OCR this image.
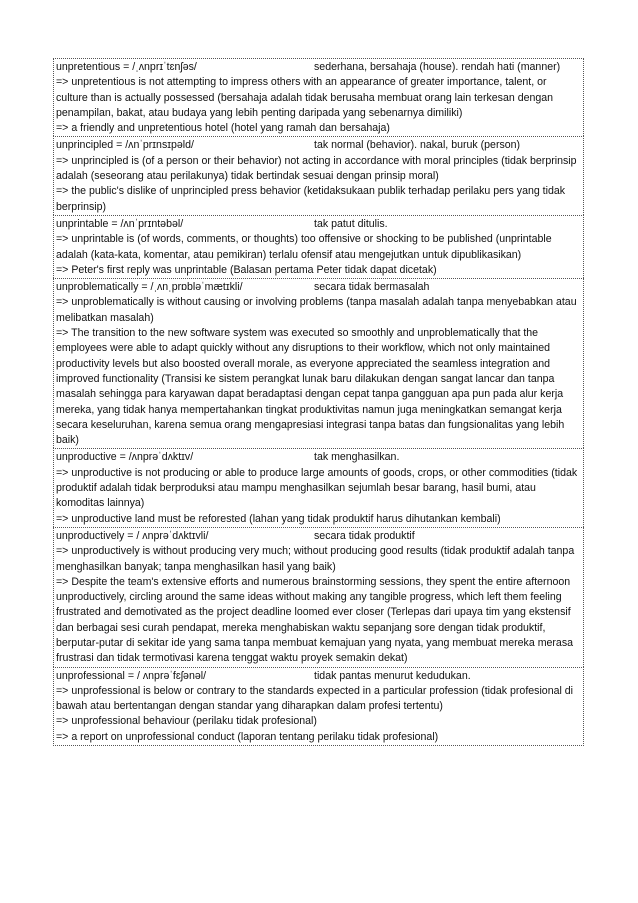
unpretentious = /ˌʌnprɪˈtɛnʃəs/	sederhana, bersahaja (house). rendah hati (manner)
=> unpretentious is not attempting to impress others with an appearance of greater importance, talent, or culture than is actually possessed (bersahaja adalah tidak berusaha membuat orang lain terkesan dengan penampilan, bakat, atau budaya yang lebih penting daripada yang sebenarnya dimiliki)
=> a friendly and unpretentious hotel (hotel yang ramah dan bersahaja)
unprincipled = /ʌnˈprɪnsɪpəld/	tak normal (behavior). nakal, buruk (person)
=> unprincipled is (of a person or their behavior) not acting in accordance with moral principles (tidak berprinsip adalah (seseorang atau perilakunya) tidak bertindak sesuai dengan prinsip moral)
=> the public's dislike of unprincipled press behavior (ketidaksukaan publik terhadap perilaku pers yang tidak berprinsip)
unprintable = /ʌnˈprɪntəbəl/	tak patut ditulis.
=> unprintable is (of words, comments, or thoughts) too offensive or shocking to be published (unprintable adalah (kata-kata, komentar, atau pemikiran) terlalu ofensif atau mengejutkan untuk dipublikasikan)
=> Peter's first reply was unprintable (Balasan pertama Peter tidak dapat dicetak)
unproblematically = /ˌʌnˌprɒbləˈmætɪkli/	secara tidak bermasalah
=> unproblematically is without causing or involving problems (tanpa masalah adalah tanpa menyebabkan atau melibatkan masalah)
=> The transition to the new software system was executed so smoothly and unproblematically that the employees were able to adapt quickly without any disruptions to their workflow, which not only maintained productivity levels but also boosted overall morale, as everyone appreciated the seamless integration and improved functionality (Transisi ke sistem perangkat lunak baru dilakukan dengan sangat lancar dan tanpa masalah sehingga para karyawan dapat beradaptasi dengan cepat tanpa gangguan apa pun pada alur kerja mereka, yang tidak hanya mempertahankan tingkat produktivitas namun juga meningkatkan semangat kerja secara keseluruhan, karena semua orang mengapresiasi integrasi tanpa batas dan fungsionalitas yang lebih baik)
unproductive = /ʌnprəˈdʌktɪv/	tak menghasilkan.
=> unproductive is not producing or able to produce large amounts of goods, crops, or other commodities (tidak produktif adalah tidak berproduksi atau mampu menghasilkan sejumlah besar barang, hasil bumi, atau komoditas lainnya)
=> unproductive land must be reforested (lahan yang tidak produktif harus dihutankan kembali)
unproductively = / ʌnprəˈdʌktɪvli/	secara tidak produktif
=> unproductively is without producing very much; without producing good results (tidak produktif adalah tanpa menghasilkan banyak; tanpa menghasilkan hasil yang baik)
=> Despite the team's extensive efforts and numerous brainstorming sessions, they spent the entire afternoon unproductively, circling around the same ideas without making any tangible progress, which left them feeling frustrated and demotivated as the project deadline loomed ever closer (Terlepas dari upaya tim yang ekstensif dan berbagai sesi curah pendapat, mereka menghabiskan waktu sepanjang sore dengan tidak produktif, berputar-putar di sekitar ide yang sama tanpa membuat kemajuan yang nyata, yang membuat mereka merasa frustrasi dan tidak termotivasi karena tenggat waktu proyek semakin dekat)
unprofessional = / ʌnprəˈfɛʃənəl/	tidak pantas menurut kedudukan.
=> unprofessional is below or contrary to the standards expected in a particular profession (tidak profesional di bawah atau bertentangan dengan standar yang diharapkan dalam profesi tertentu)
=> unprofessional behaviour (perilaku tidak profesional)
=> a report on unprofessional conduct (laporan tentang perilaku tidak profesional)
